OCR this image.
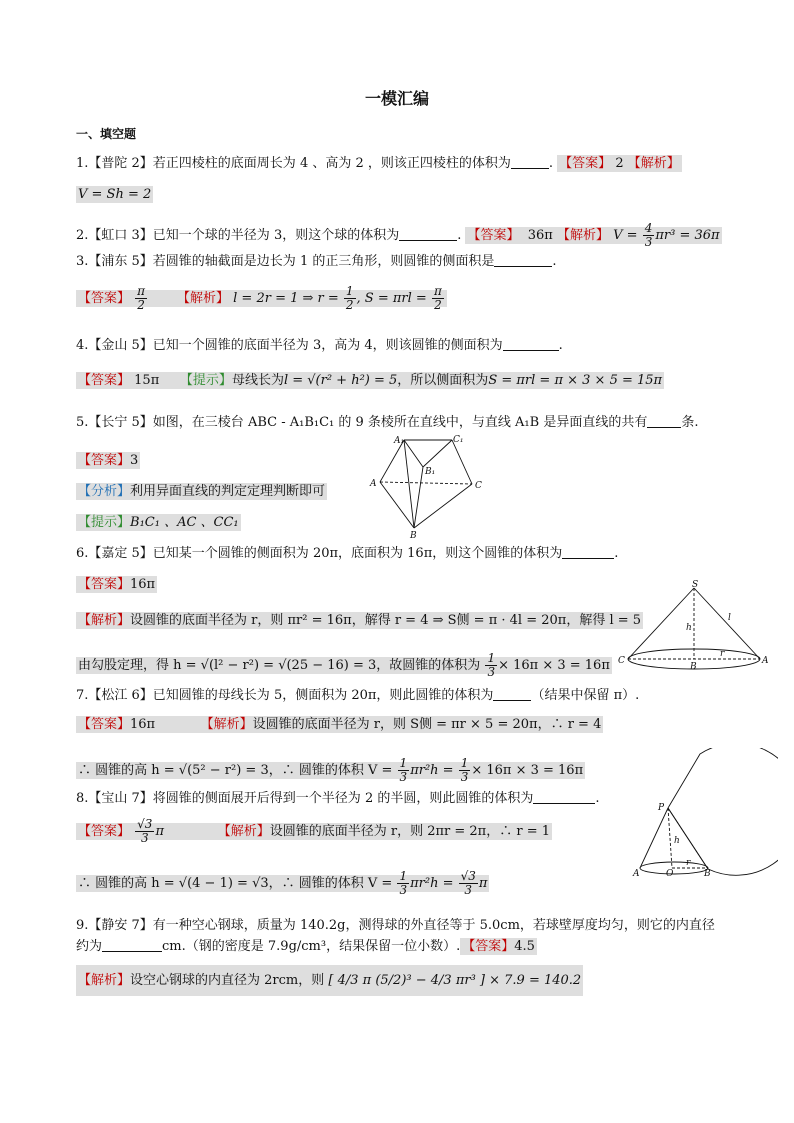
一模汇编
一、填空题
1.【普陀 2】若正四棱柱的底面周长为 4 、高为 2 ，则该正四棱柱的体积为	. 【答案】 2 【解析】
V = Sh = 2
2.【虹口 3】已知一个球的半径为 3，则这个球的体积为	. 【答案】 36π 【解析】 $V = \frac{4}{3} \pi r^3 = 36\pi$
3.【浦东 5】若圆锥的轴截面是边长为 1 的正三角形，则圆锥的侧面积是	.
【答案】 $\frac{\pi}{2}$ 【解析】 l = 2r = 1 ⇒ $r = \frac{1}{2}$ , $S = \pi rl = \frac{\pi}{2}$
4.【金山 5】已知一个圆锥的底面半径为 3，高为 4，则该圆锥的侧面积为	.
【答案】 15π 【提示】母线长为l = √(r² + h²) = 5，所以侧面积为S = πrl = π × 3 × 5 = 15π
5.【长宁 5】如图，在三棱台 ABC - A₁B₁C₁ 的 9 条棱所在直线中，与直线 A₁B 是异面直线的共有	条.
【答案】3
【分析】利用异面直线的判定定理判断即可
【提示】B₁C₁ 、AC 、CC₁
A₁	C₁
B₁
A	C
B
6.【嘉定 5】已知某一个圆锥的侧面积为 20π，底面积为 16π，则这个圆锥的体积为	.
【答案】16π
【解析】设圆锥的底面半径为 r，则 πr² = 16π，解得 r = 4 ⇒ S侧 = π · 4l = 20π，解得 l = 5
由勾股定理，得 h = √(l² − r²) = √(25 − 16) = 3，故圆锥的体积为 $\frac{1}{3} \times 16\pi \times 3 = 16\pi$
S
l
h
C
B
r
A
7.【松江 6】已知圆锥的母线长为 5，侧面积为 20π，则此圆锥的体积为	（结果中保留 π）.
【答案】16π	【解析】设圆锥的底面半径为 r，则 S侧 = πr × 5 = 20π，∴ r = 4
∴ 圆锥的高 h = √(5² − r²) = 3，∴ 圆锥的体积 $V = \frac{1}{3} \pi r^2h = \frac{1}{3} \times 16\pi \times 3 = 16\pi$
8.【宝山 7】将圆锥的侧面展开后得到一个半径为 2 的半圆，则此圆锥的体积为	.
【答案】 $\frac{√3}{3}$ π	【解析】设圆锥的底面半径为 r，则 2πr = 2π，∴ r = 1
∴ 圆锥的高 h = √(4 − 1) = √3，∴ 圆锥的体积 $V = \frac{1}{3} \pi r^2h = \frac{√3}{3}$ π
P
h
A	O
r
B
9.【静安 7】有一种空心钢球，质量为 140.2g，测得球的外直径等于 5.0cm，若球壁厚度均匀，则它的内直径约为	cm.（钢的密度是 7.9g/cm³，结果保留一位小数）. 【答案】4.5
【解析】设空心钢球的内直径为 2rcm，则 [ 4/3 π (5/2)³ − 4/3 πr³ ] × 7.9 = 140.2
